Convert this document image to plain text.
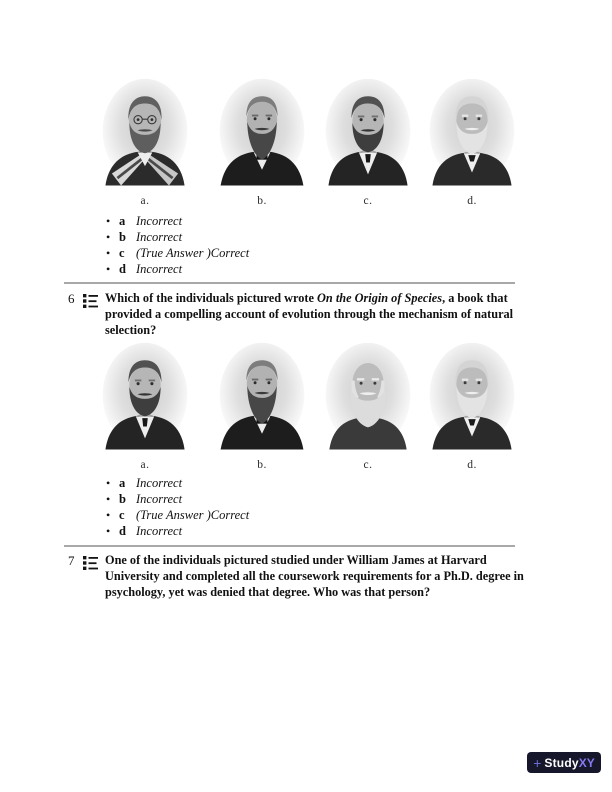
a.	b.	c.	d.
• a Incorrect
• b Incorrect
• c (True Answer )Correct
• d Incorrect
6	Which of the individuals pictured wrote On the Origin of Species, a book that provided a compelling account of evolution through the mechanism of natural selection?
a.	b.	c.	d.
• a Incorrect
• b Incorrect
• c (True Answer )Correct
• d Incorrect
7	One of the individuals pictured studied under William James at Harvard University and completed all the coursework requirements for a Ph.D. degree in psychology, yet was denied that degree. Who was that person?
+ Study XY
